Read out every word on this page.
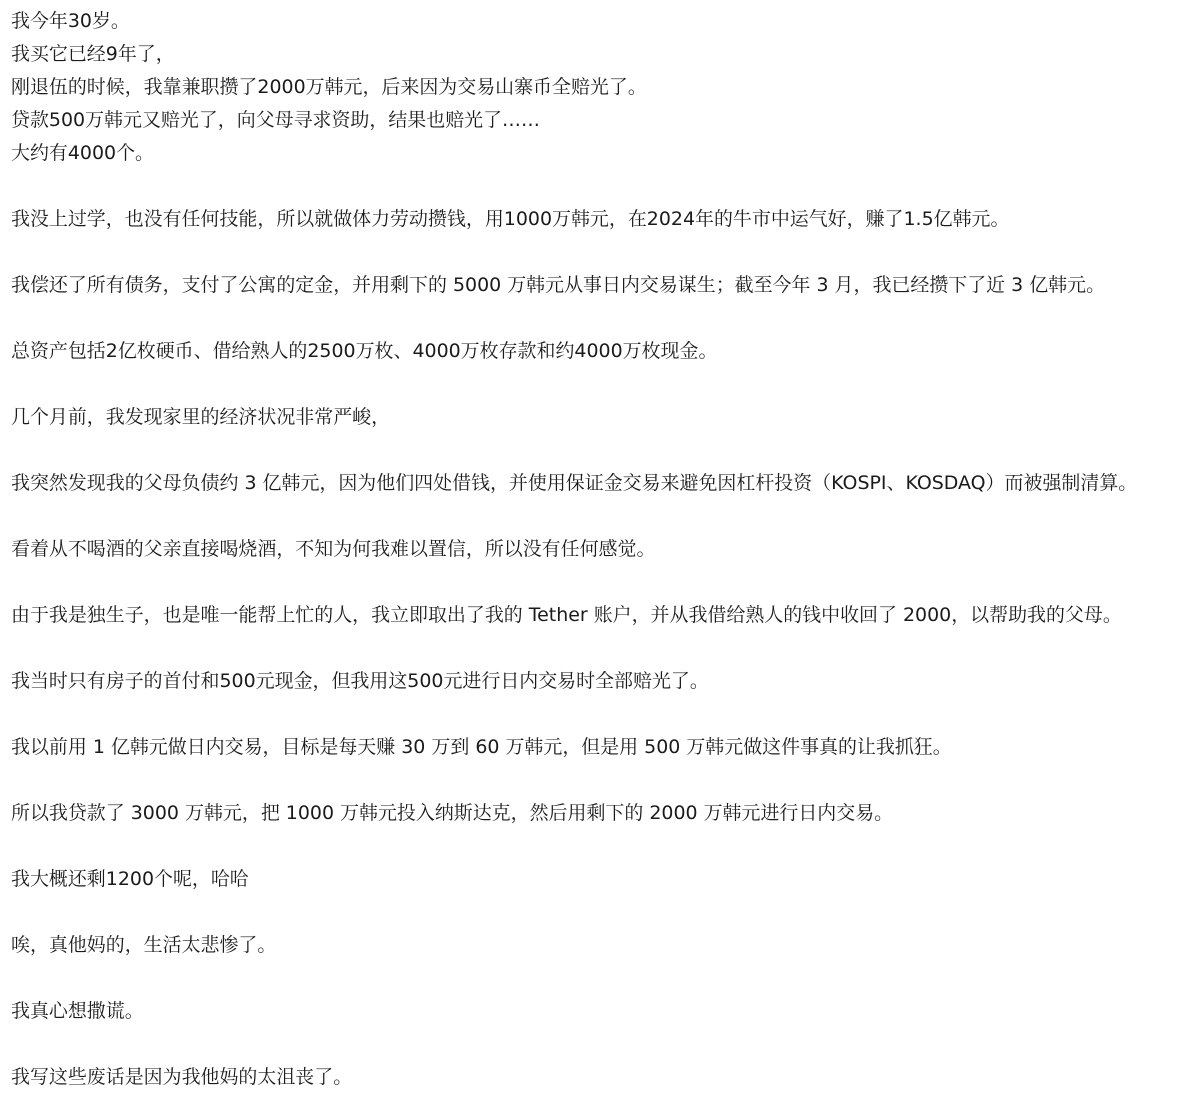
我今年30岁。
我买它已经9年了，
刚退伍的时候，我靠兼职攒了2000万韩元，后来因为交易山寨币全赔光了。
贷款500万韩元又赔光了，向父母寻求资助，结果也赔光了……
大约有4000个。
我没上过学，也没有任何技能，所以就做体力劳动攒钱，用1000万韩元，在2024年的牛市中运气好，赚了1.5亿韩元。
我偿还了所有债务，支付了公寓的定金，并用剩下的 5000 万韩元从事日内交易谋生；截至今年 3 月，我已经攒下了近 3 亿韩元。
总资产包括2亿枚硬币、借给熟人的2500万枚、4000万枚存款和约4000万枚现金。
几个月前，我发现家里的经济状况非常严峻，
我突然发现我的父母负债约 3 亿韩元，因为他们四处借钱，并使用保证金交易来避免因杠杆投资（KOSPI、KOSDAQ）而被强制清算。
看着从不喝酒的父亲直接喝烧酒，不知为何我难以置信，所以没有任何感觉。
由于我是独生子，也是唯一能帮上忙的人，我立即取出了我的 Tether 账户，并从我借给熟人的钱中收回了 2000，以帮助我的父母。
我当时只有房子的首付和500元现金，但我用这500元进行日内交易时全部赔光了。
我以前用 1 亿韩元做日内交易，目标是每天赚 30 万到 60 万韩元，但是用 500 万韩元做这件事真的让我抓狂。
所以我贷款了 3000 万韩元，把 1000 万韩元投入纳斯达克，然后用剩下的 2000 万韩元进行日内交易。
我大概还剩1200个呢，哈哈
唉，真他妈的，生活太悲惨了。
我真心想撒谎。
我写这些废话是因为我他妈的太沮丧了。
